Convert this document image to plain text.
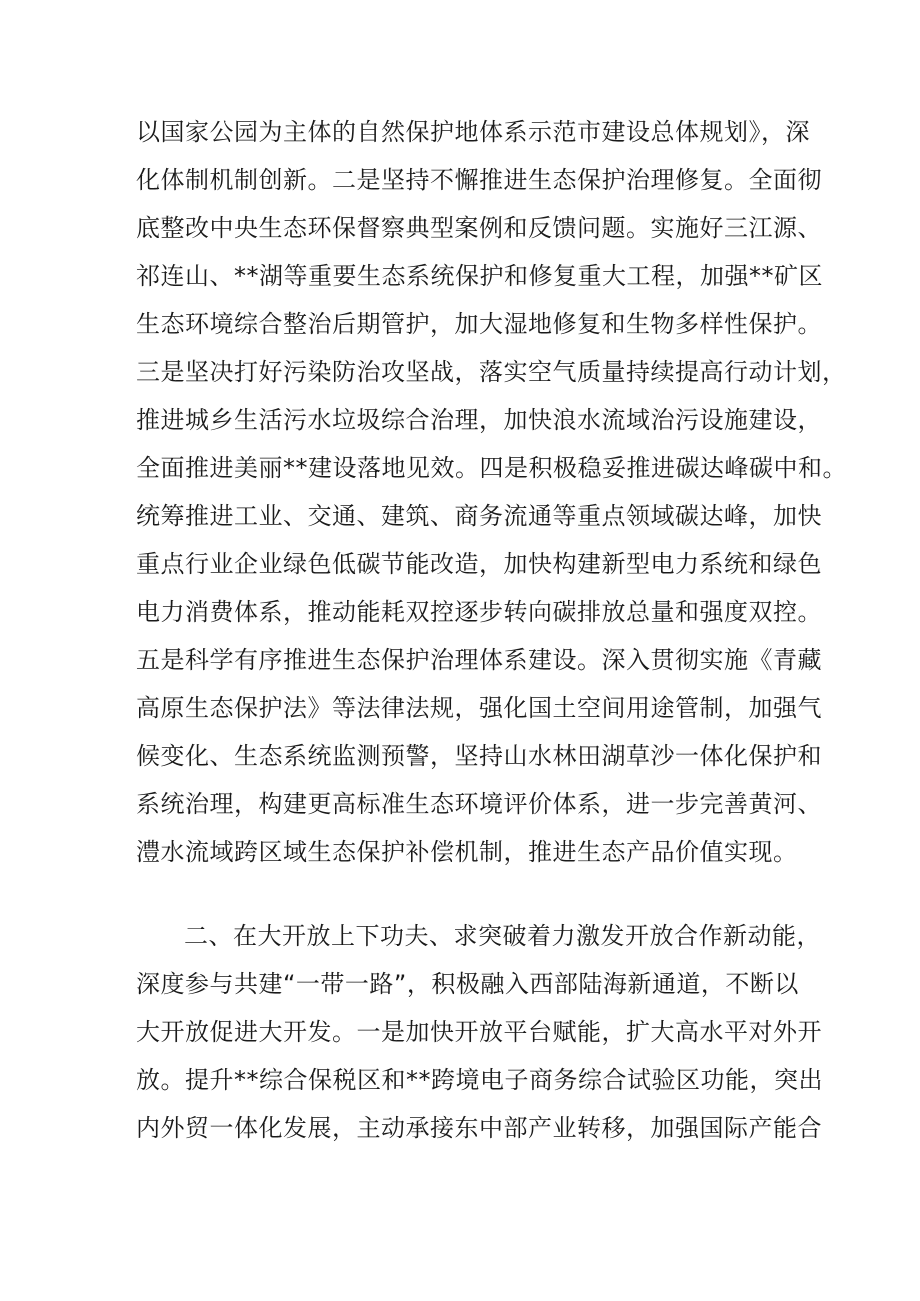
以国家公园为主体的自然保护地体系示范市建设总体规划》，深
化体制机制创新。二是坚持不懈推进生态保护治理修复。全面彻
底整改中央生态环保督察典型案例和反馈问题。实施好三江源、
祁连山、**湖等重要生态系统保护和修复重大工程，加强**矿区
生态环境综合整治后期管护，加大湿地修复和生物多样性保护。
三是坚决打好污染防治攻坚战，落实空气质量持续提高行动计划，
推进城乡生活污水垃圾综合治理，加快浪水流域治污设施建设，
全面推进美丽**建设落地见效。四是积极稳妥推进碳达峰碳中和。
统筹推进工业、交通、建筑、商务流通等重点领域碳达峰，加快
重点行业企业绿色低碳节能改造，加快构建新型电力系统和绿色
电力消费体系，推动能耗双控逐步转向碳排放总量和强度双控。
五是科学有序推进生态保护治理体系建设。深入贯彻实施《青藏
高原生态保护法》等法律法规，强化国土空间用途管制，加强气
候变化、生态系统监测预警，坚持山水林田湖草沙一体化保护和
系统治理，构建更高标准生态环境评价体系，进一步完善黄河、
澧水流域跨区域生态保护补偿机制，推进生态产品价值实现。
二、在大开放上下功夫、求突破着力激发开放合作新动能，
深度参与共建“一带一路”，积极融入西部陆海新通道，不断以
大开放促进大开发。一是加快开放平台赋能，扩大高水平对外开
放。提升**综合保税区和**跨境电子商务综合试验区功能，突出
内外贸一体化发展，主动承接东中部产业转移，加强国际产能合
